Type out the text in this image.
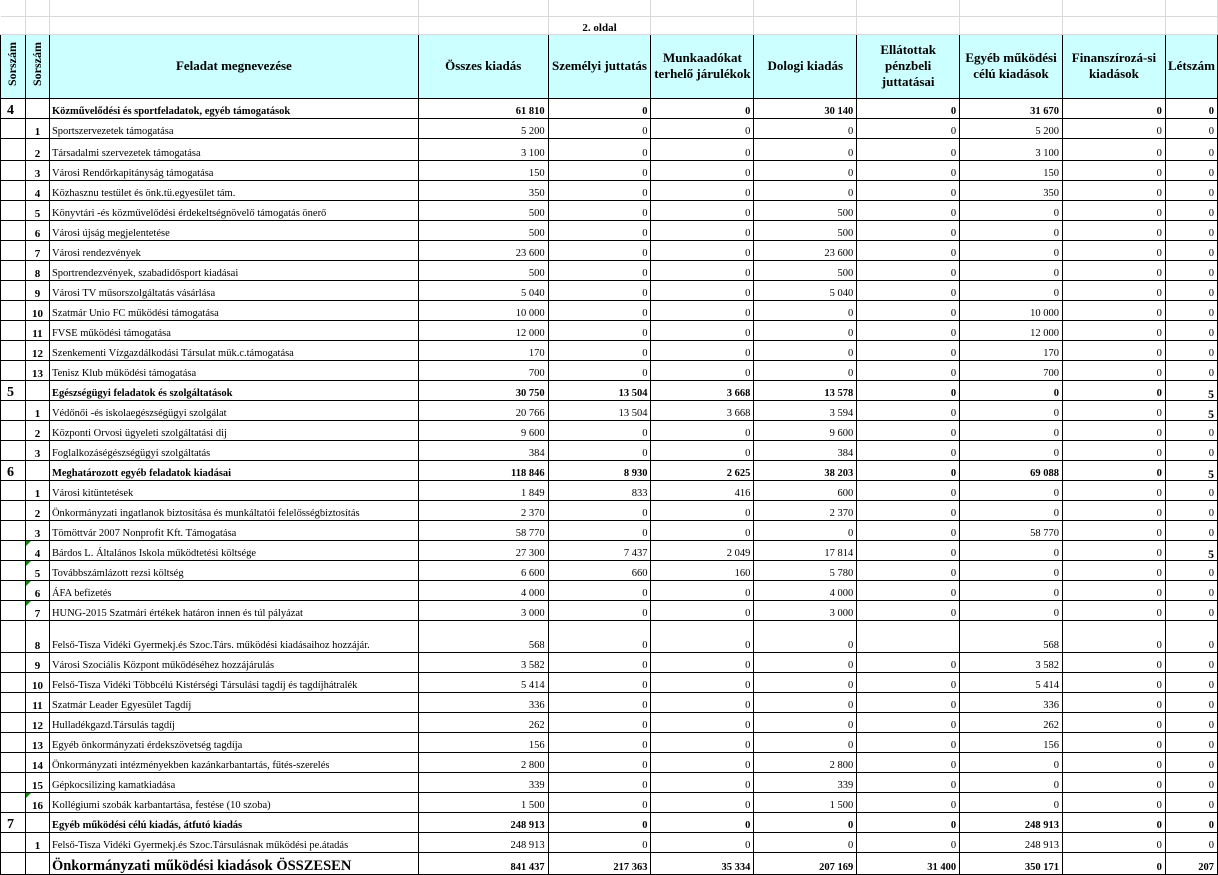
				2. oldal						
Sorszám	Sorszám	Feladat megnevezése	Összes kiadás	Személyi juttatás	Munkaadókat terhelő járulékok	Dologi kiadás	Ellátottak pénzbeli juttatásai	Egyéb működési célú kiadások	Finanszírozá-si kiadások	Létszám
4		Közművelődési és sportfeladatok, egyéb támogatások	61 810	0	0	30 140	0	31 670	0	0
	1	Sportszervezetek támogatása	5 200	0	0	0	0	5 200	0	0
	2	Társadalmi szervezetek támogatása	3 100	0	0	0	0	3 100	0	0
	3	Városi Rendőrkapitányság támogatása	150	0	0	0	0	150	0	0
	4	Közhasznu testület és önk.tü.egyesület tám.	350	0	0	0	0	350	0	0
	5	Könyvtári -és közművelődési érdekeltségnövelő támogatás önerő	500	0	0	500	0	0	0	0
	6	Városi újság megjelentetése	500	0	0	500	0	0	0	0
	7	Városi rendezvények	23 600	0	0	23 600	0	0	0	0
	8	Sportrendezvények, szabadidősport kiadásai	500	0	0	500	0	0	0	0
	9	Városi TV műsorszolgáltatás vásárlása	5 040	0	0	5 040	0	0	0	0
	10	Szatmár Unio FC működési támogatása	10 000	0	0	0	0	10 000	0	0
	11	FVSE működési támogatása	12 000	0	0	0	0	12 000	0	0
	12	Szenkementi Vízgazdálkodási Társulat mük.c.támogatása	170	0	0	0	0	170	0	0
	13	Tenisz Klub működési támogatása	700	0	0	0	0	700	0	0
5		Egészségügyi feladatok és szolgáltatások	30 750	13 504	3 668	13 578	0	0	0	5
	1	Védőnői -és iskolaegészségügyi szolgálat	20 766	13 504	3 668	3 594	0	0	0	5
	2	Központi Orvosi ügyeleti szolgáltatási dij	9 600	0	0	9 600	0	0	0	0
	3	Foglalkozáségészségügyi szolgáltatás	384	0	0	384	0	0	0	0
6		Meghatározott egyéb feladatok kiadásai	118 846	8 930	2 625	38 203	0	69 088	0	5
	1	Városi kitüntetések	1 849	833	416	600	0	0	0	0
	2	Önkormányzati ingatlanok biztosítása és munkáltatói felelősségbiztosítás	2 370	0	0	2 370	0	0	0	0
	3	Tömöttvár 2007 Nonprofit Kft. Támogatása	58 770	0	0	0	0	58 770	0	0
	4	Bárdos L. Általános Iskola működtetési költsége	27 300	7 437	2 049	17 814	0	0	0	5
	5	Továbbszámlázott rezsi költség	6 600	660	160	5 780	0	0	0	0
	6	ÁFA befizetés	4 000	0	0	4 000	0	0	0	0
	7	HUNG-2015 Szatmári értékek határon innen és túl pályázat	3 000	0	0	3 000	0	0	0	0
	8	Felső-Tisza Vidéki Gyermekj.és Szoc.Társ. működési kiadásaihoz hozzájár.	568	0	0	0		568	0	0
	9	Városi Szociális Központ működéséhez hozzájárulás	3 582	0	0	0	0	3 582	0	0
	10	Felső-Tisza Vidéki Többcélú Kistérségi Társulási tagdíj és tagdíjhátralék	5 414	0	0	0	0	5 414	0	0
	11	Szatmár Leader Egyesület Tagdíj	336	0	0	0	0	336	0	0
	12	Hulladékgazd.Társulás tagdíj	262	0	0	0	0	262	0	0
	13	Egyéb önkormányzati érdekszövetség tagdíja	156	0	0	0	0	156	0	0
	14	Önkormányzati intézményekben kazánkarbantartás, fűtés-szerelés	2 800	0	0	2 800	0	0	0	0
	15	Gépkocsilizing kamatkiadása	339	0	0	339	0	0	0	0
	16	Kollégiumi szobák karbantartása, festése (10 szoba)	1 500	0	0	1 500	0	0	0	0
7		Egyéb működési célú kiadás, átfutó kiadás	248 913	0	0	0	0	248 913	0	0
	1	Felső-Tisza Vidéki Gyermekj.és Szoc.Társulásnak működési pe.átadás	248 913	0	0	0	0	248 913	0	0
		Önkormányzati működési kiadások ÖSSZESEN	841 437	217 363	35 334	207 169	31 400	350 171	0	207
